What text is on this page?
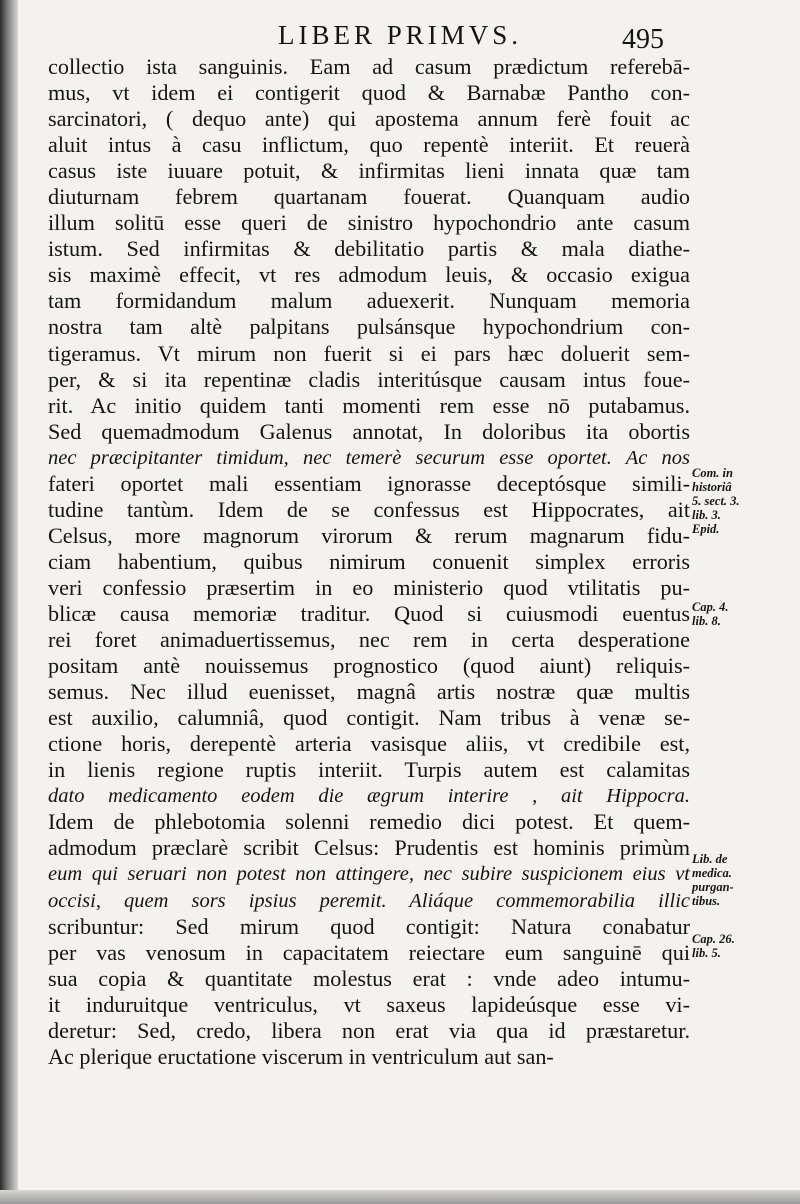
LIBER PRIMVS.	495
collectio ista sanguinis. Eam ad casum prædictum referebā-
mus, vt idem ei contigerit quod & Barnabæ Pantho con-
sarcinatori, ( dequo ante) qui apostema annum ferè fouit ac
aluit intus à casu inflictum, quo repentè interiit. Et reuerà
casus iste iuuare potuit, & infirmitas lieni innata quæ tam
diuturnam febrem quartanam fouerat. Quanquam audio
illum solitū esse queri de sinistro hypochondrio ante casum
istum. Sed infirmitas & debilitatio partis & mala diathe-
sis maximè effecit, vt res admodum leuis, & occasio exigua
tam formidandum malum aduexerit. Nunquam memoria
nostra tam altè palpitans pulsánsque hypochondrium con-
tigeramus. Vt mirum non fuerit si ei pars hæc doluerit sem-
per, & si ita repentinæ cladis interitúsque causam intus foue-
rit. Ac initio quidem tanti momenti rem esse nō putabamus.
Sed quemadmodum Galenus annotat, In doloribus ita obortis
nec præcipitanter timidum, nec temerè securum esse oportet. Ac nos
fateri oportet mali essentiam ignorasse deceptósque simili-
tudine tantùm. Idem de se confessus est Hippocrates, ait
Celsus, more magnorum virorum & rerum magnarum fidu-
ciam habentium, quibus nimirum conuenit simplex erroris
veri confessio præsertim in eo ministerio quod vtilitatis pu-
blicæ causa memoriæ traditur. Quod si cuiusmodi euentus
rei foret animaduertissemus, nec rem in certa desperatione
positam antè nouissemus prognostico (quod aiunt) reliquis-
semus. Nec illud euenisset, magnâ artis nostræ quæ multis
est auxilio, calumniâ, quod contigit. Nam tribus à venæ se-
ctione horis, derepentè arteria vasisque aliis, vt credibile est,
in lienis regione ruptis interiit. Turpis autem est calamitas
dato medicamento eodem die ægrum interire , ait Hippocra.
Idem de phlebotomia solenni remedio dici potest. Et quem-
admodum præclarè scribit Celsus: Prudentis est hominis primùm
eum qui seruari non potest non attingere, nec subire suspicionem eius vt
occisi, quem sors ipsius peremit. Aliáque commemorabilia illic
scribuntur: Sed mirum quod contigit: Natura conabatur
per vas venosum in capacitatem reiectare eum sanguinē qui
sua copia & quantitate molestus erat : vnde adeo intumu-
it induruitque ventriculus, vt saxeus lapideúsque esse vi-
deretur: Sed, credo, libera non erat via qua id præstaretur.
Ac plerique eructatione viscerum in ventriculum aut san-
Com. in
historiâ
5. sect. 3.
lib. 3.
Epid.
Cap. 4.
lib. 8.
Lib. de
medica.
purgan-
tibus.
Cap. 26.
lib. 5.
